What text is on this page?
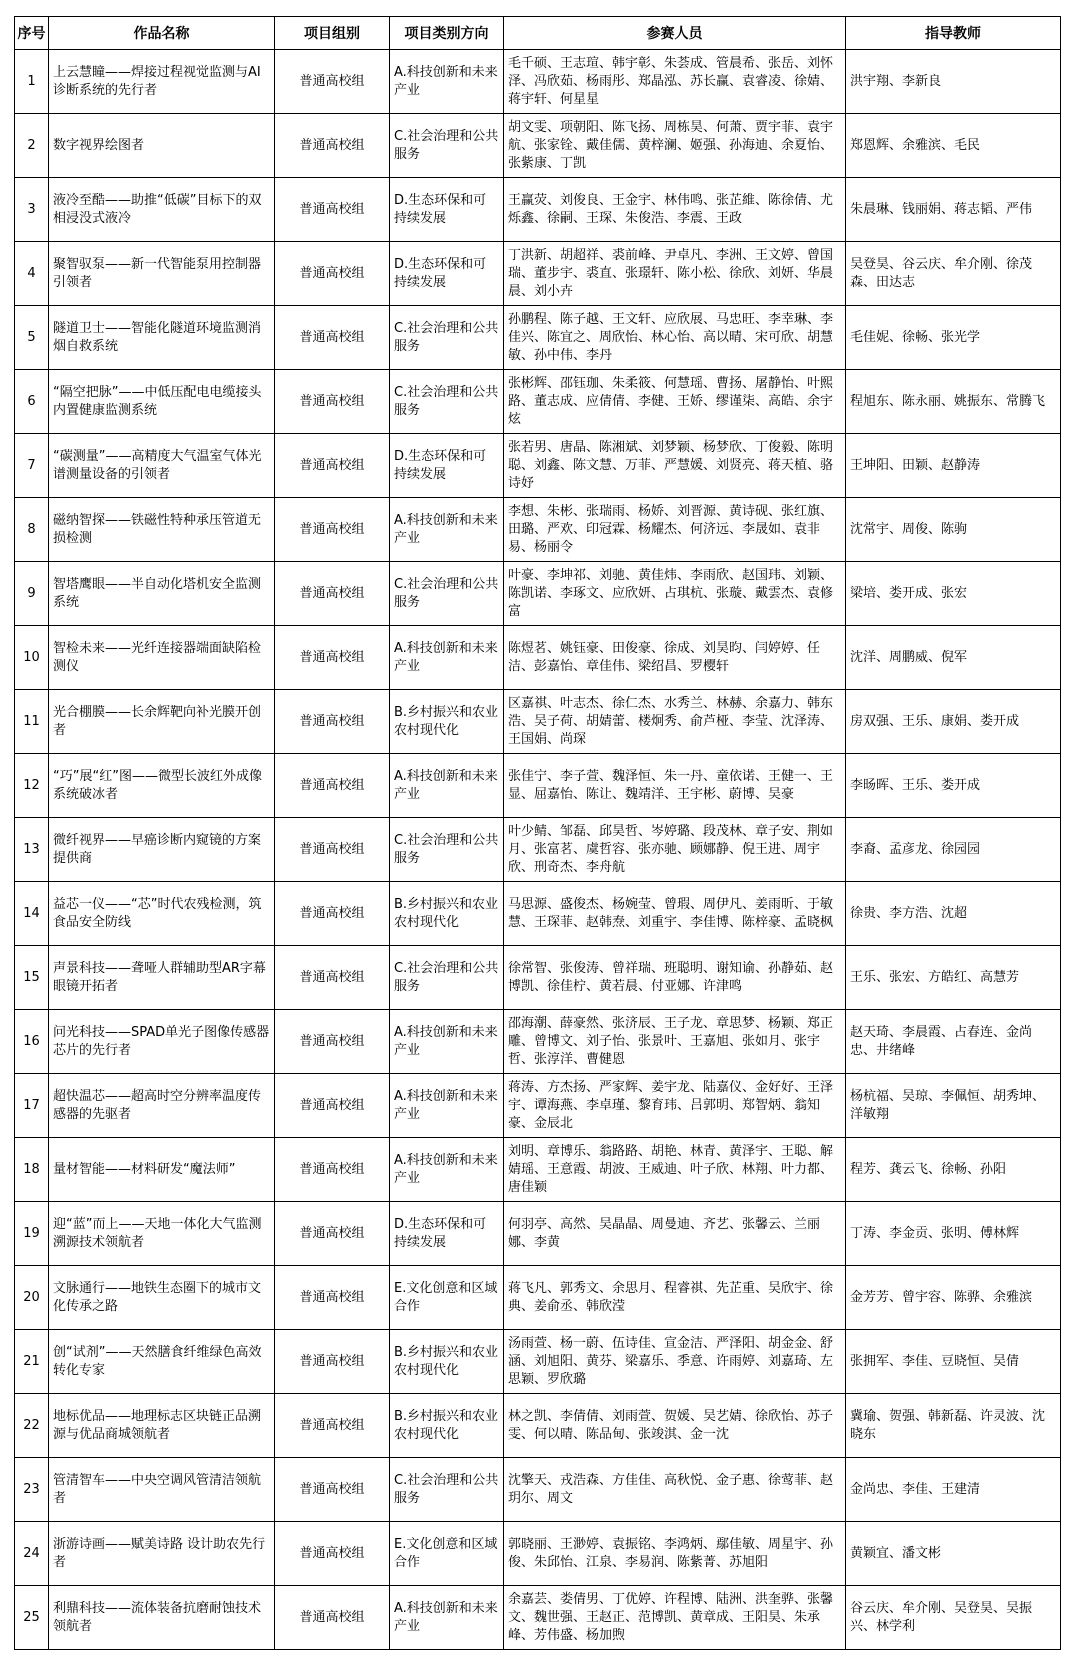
序号	作品名称	项目组别	项目类别方向	参赛人员	指导教师
1	上云慧瞳——焊接过程视觉监测与AI 诊断系统的先行者	普通高校组	A.科技创新和未来产业	毛千硕、王志瑄、韩宇彰、朱荟成、管晨希、张岳、刘怀泽、冯欣茹、杨雨彤、郑晶泓、苏长赢、袁睿凌、徐婧、蒋宇轩、何星星	洪宇翔、李新良
2	数字视界绘图者	普通高校组	C.社会治理和公共服务	胡文雯、项朝阳、陈飞扬、周栋昊、何萧、贾宇菲、袁宇航、张家铨、戴佳儒、黄梓澜、姬强、孙海迪、余夏怡、张紫康、丁凯	郑恩辉、余雅滨、毛民
3	液冷至酷——助推“低碳”目标下的双相浸没式液冷	普通高校组	D.生态环保和可持续发展	王赢荧、刘俊良、王金宇、林伟鸣、张芷維、陈徐倩、尤烁鑫、徐嗣、王琛、朱俊浩、李震、王政	朱晨琳、钱丽娟、蒋志韬、严伟
4	聚智驭泵——新一代智能泵用控制器引领者	普通高校组	D.生态环保和可持续发展	丁洪新、胡超祥、裘前峰、尹卓凡、李洲、王文婷、曾国瑞、董步宇、裘直、张璟轩、陈小松、徐欣、刘妍、华晨晨、刘小卉	吴登昊、谷云庆、牟介刚、徐茂森、田达志
5	隧道卫士——智能化隧道环境监测消烟自救系统	普通高校组	C.社会治理和公共服务	孙鹏程、陈子越、王文轩、应欣展、马忠旺、李幸琳、李佳兴、陈宜之、周欣怡、林心怡、高以晴、宋可欣、胡慧敏、孙中伟、李丹	毛佳妮、徐畅、张光学
6	“隔空把脉”——中低压配电电缆接头内置健康监测系统	普通高校组	C.社会治理和公共服务	张彬辉、邵钰珈、朱柔筱、何慧瑶、曹扬、屠静怡、叶熙路、董志成、应倩倩、李健、王娇、缪谨柒、高皓、余宇炫	程旭东、陈永丽、姚振东、常腾飞
7	“碳测量”——高精度大气温室气体光谱测量设备的引领者	普通高校组	D.生态环保和可持续发展	张若男、唐晶、陈湘斌、刘梦颖、杨梦欣、丁俊毅、陈明聪、刘鑫、陈文慧、万菲、严慧媛、刘贤亮、蒋天植、骆诗妤	王坤阳、田颖、赵静涛
8	磁纳智探——铁磁性特种承压管道无损检测	普通高校组	A.科技创新和未来产业	李想、朱彬、张瑞雨、杨娇、刘晋源、黄诗砚、张红旗、田璐、严欢、印冠霖、杨耀杰、何济远、李晟如、袁非易、杨丽令	沈常宇、周俊、陈驹
9	智塔鹰眼——半自动化塔机安全监测系统	普通高校组	C.社会治理和公共服务	叶豪、李坤祁、刘驰、黄佳炜、李雨欣、赵国玮、刘颖、陈凯诺、李琢文、应欣妍、占琪杭、张璇、戴雲杰、袁修富	梁培、娄开成、张宏
10	智检未来——光纤连接器端面缺陷检测仪	普通高校组	A.科技创新和未来产业	陈煜茗、姚钰豪、田俊豪、徐成、刘昊昀、闫婷婷、任洁、彭嘉怡、章佳伟、梁绍昌、罗樱轩	沈洋、周鹏威、倪军
11	光合棚膜——长余辉靶向补光膜开创者	普通高校组	B.乡村振兴和农业农村现代化	区嘉祺、叶志杰、徐仁杰、水秀兰、林赫、余嘉力、韩东浩、吴子荷、胡婧蕾、楼炯秀、俞芦桠、李莹、沈泽涛、王国娟、尚琛	房双强、王乐、康娟、娄开成
12	“巧”展“红”图——微型长波红外成像系统破冰者	普通高校组	A.科技创新和未来产业	张佳宁、李子萱、魏泽恒、朱一丹、童依诺、王健一、王显、屈嘉怡、陈让、魏靖洋、王宇彬、蔚博、吴豪	李旸晖、王乐、娄开成
13	微纤视界——早癌诊断内窥镜的方案提供商	普通高校组	C.社会治理和公共服务	叶少鲭、邹磊、邱昊哲、岑婷璐、段茂林、章子安、荆如月、张富茗、虞哲容、张亦驰、顾娜静、倪王进、周宇欣、刑奇杰、李舟航	李裔、孟彦龙、徐园园
14	益芯一仪——“芯”时代农残检测，筑食品安全防线	普通高校组	B.乡村振兴和农业农村现代化	马思源、盛俊杰、杨婉莹、曾瑕、周伊凡、姜雨昕、于敏慧、王琛菲、赵韩焘、刘重宇、李佳博、陈梓豪、孟晓枫	徐贵、李方浩、沈超
15	声景科技——聋哑人群辅助型AR字幕眼镜开拓者	普通高校组	C.社会治理和公共服务	徐常智、张俊涛、曾祥瑞、班聪明、谢知谕、孙静茹、赵博凯、徐佳柠、黄若晨、付亚娜、许津鸣	王乐、张宏、方皓红、高慧芳
16	问光科技——SPAD单光子图像传感器芯片的先行者	普通高校组	A.科技创新和未来产业	邵海潮、薛豪然、张济辰、王子龙、章思梦、杨颖、郑正雕、曾博文、刘子怡、张景叶、王嘉旭、张如月、张宇哲、张淳洋、曹健恩	赵天琦、李晨霞、占春连、金尚忠、井绪峰
17	超快温芯——超高时空分辨率温度传感器的先驱者	普通高校组	A.科技创新和未来产业	蒋涛、方杰扬、严家辉、姜宇龙、陆嘉仪、金好好、王泽宇、谭海燕、李卓瑾、黎育玮、吕郭明、郑智炳、翁知豪、金辰北	杨杭福、吴琼、李佩恒、胡秀坤、洋敏翔
18	量材智能——材料研发“魔法师”	普通高校组	A.科技创新和未来产业	刘明、章博乐、翁路路、胡艳、林青、黄泽宇、王聪、解婧瑶、王意霞、胡波、王威迪、叶子欣、林翔、叶力都、唐佳颖	程芳、龚云飞、徐畅、孙阳
19	迎“蓝”而上——天地一体化大气监测溯源技术领航者	普通高校组	D.生态环保和可持续发展	何羽亭、高然、吴晶晶、周曼迪、齐艺、张馨云、兰丽娜、李黄	丁涛、李金贡、张明、傅林辉
20	文脉通行——地铁生态圈下的城市文化传承之路	普通高校组	E.文化创意和区域合作	蒋飞凡、郭秀文、余思月、程睿祺、先芷重、吴欣宇、徐典、姜俞丞、韩欣滢	金芳芳、曾宇容、陈骅、余雅滨
21	创“试剂”——天然膳食纤维绿色高效转化专家	普通高校组	B.乡村振兴和农业农村现代化	汤雨萱、杨一蔚、伍诗佳、宣金洁、严泽阳、胡金金、舒涵、刘旭阳、黄芬、梁嘉乐、季意、许雨婷、刘嘉琦、左思颖、罗欣璐	张拥军、李佳、豆晓恒、吴倩
22	地标优品——地理标志区块链正品溯源与优品商城领航者	普通高校组	B.乡村振兴和农业农村现代化	林之凯、李倩倩、刘雨萱、贺媛、吴艺婧、徐欣怡、苏子雯、何以晴、陈品甸、张竣淇、金一沈	冀瑜、贺强、韩新磊、许灵波、沈晓东
23	管清智车——中央空调风管清洁领航者	普通高校组	C.社会治理和公共服务	沈擎天、戎浩森、方佳佳、高秋悦、金子惠、徐莺菲、赵玥尔、周文	金尚忠、李佳、王建清
24	浙游诗画——赋美诗路 设计助农先行者	普通高校组	E.文化创意和区域合作	郭晓丽、王渺婷、袁振铭、李鸿炳、鄢佳敏、周星宇、孙俊、朱邱怡、江泉、李易润、陈紫菁、苏旭阳	黄颖宜、潘文彬
25	利鼎科技——流体装备抗磨耐蚀技术领航者	普通高校组	A.科技创新和未来产业	余嘉芸、娄倩男、丁优婷、许程博、陆洲、洪奎骅、张馨文、魏世强、王赵正、范博凯、黄章成、王阳昊、朱承峰、芳伟盛、杨加煦	谷云庆、牟介刚、吴登昊、吴振兴、林学利
